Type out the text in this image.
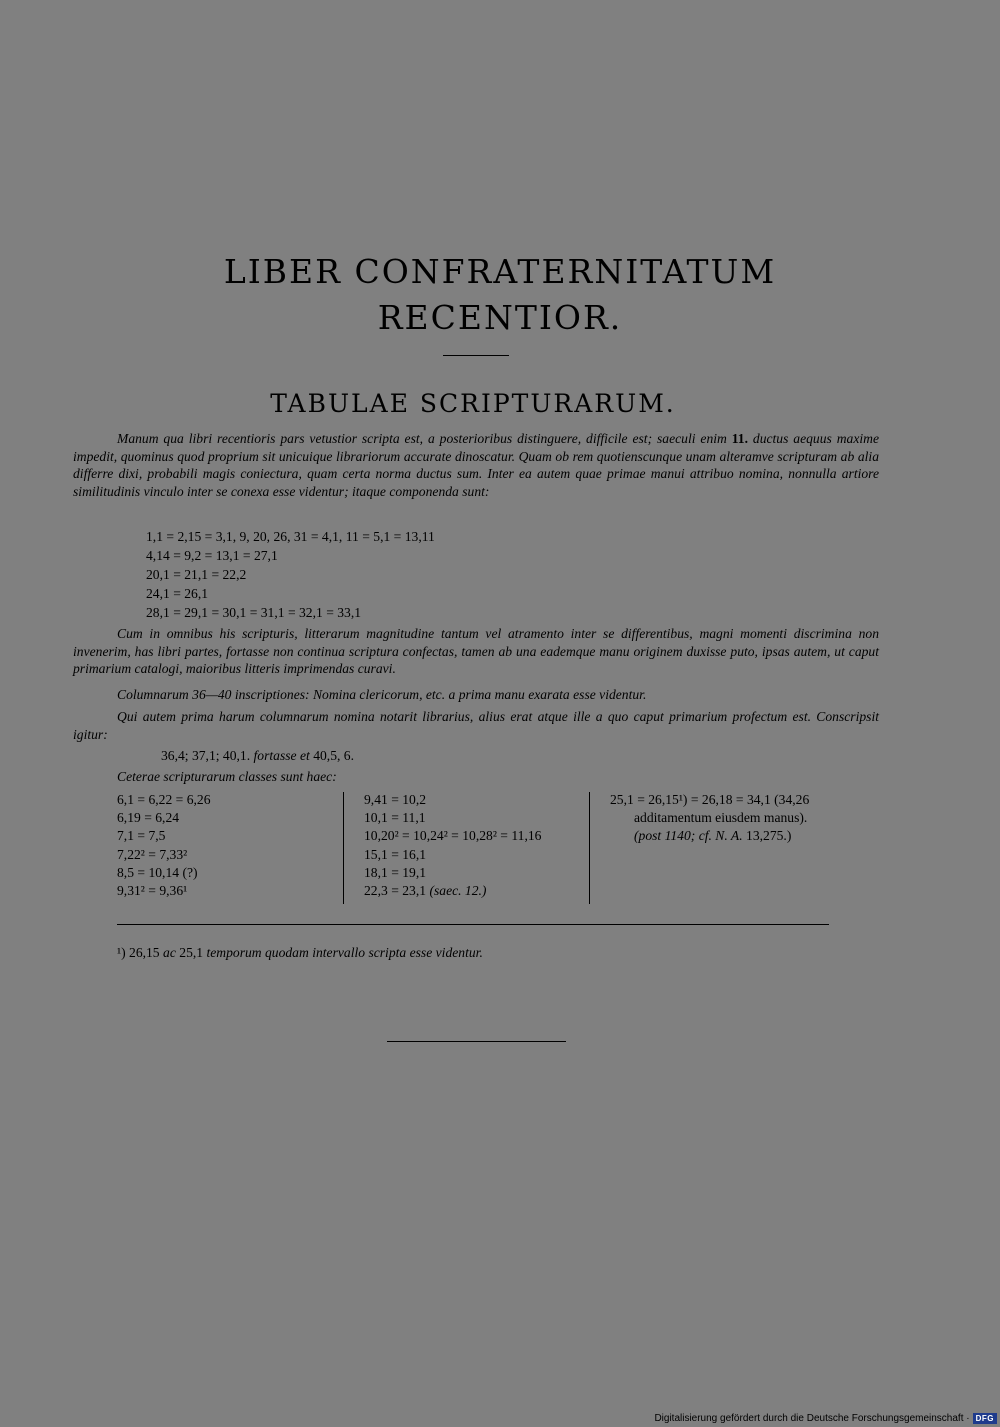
LIBER CONFRATERNITATUM
RECENTIOR.
TABULAE SCRIPTURARUM.
Manum qua libri recentioris pars vetustior scripta est, a posterioribus distinguere, difficile est; saeculi enim 11. ductus aequus maxime impedit, quominus quod proprium sit unicuique librariorum accurate dinoscatur. Quam ob rem quotienscunque unam alteramve scripturam ab alia differre dixi, probabili magis coniectura, quam certa norma ductus sum. Inter ea autem quae primae manui attribuo nomina, nonnulla artiore similitudinis vinculo inter se conexa esse videntur; itaque componenda sunt:
1,1 = 2,15 = 3,1, 9, 20, 26, 31 = 4,1, 11 = 5,1 = 13,11
4,14 = 9,2 = 13,1 = 27,1
20,1 = 21,1 = 22,2
24,1 = 26,1
28,1 = 29,1 = 30,1 = 31,1 = 32,1 = 33,1
Cum in omnibus his scripturis, litterarum magnitudine tantum vel atramento inter se differentibus, magni momenti discrimina non invenerim, has libri partes, fortasse non continua scriptura confectas, tamen ab una eademque manu originem duxisse puto, ipsas autem, ut caput primarium catalogi, maioribus litteris imprimendas curavi.
Columnarum 36—40 inscriptiones: Nomina clericorum, etc. a prima manu exarata esse videntur.
Qui autem prima harum columnarum nomina notarit librarius, alius erat atque ille a quo caput primarium profectum est. Conscripsit igitur:
36,4; 37,1; 40,1. fortasse et 40,5, 6.
Ceterae scripturarum classes sunt haec:
6,1 = 6,22 = 6,26
6,19 = 6,24
7,1 = 7,5
7,22² = 7,33²
8,5 = 10,14 (?)
9,31² = 9,36¹
9,41 = 10,2
10,1 = 11,1
10,20² = 10,24² = 10,28² = 11,16
15,1 = 16,1
18,1 = 19,1
22,3 = 23,1 (saec. 12.)
25,1 = 26,15¹) = 26,18 = 34,1 (34,26
additamentum eiusdem manus).
(post 1140; cf. N. A. 13,275.)
¹) 26,15 ac 25,1 temporum quodam intervallo scripta esse videntur.
Digitalisierung gefördert durch die Deutsche Forschungsgemeinschaft · DFG
